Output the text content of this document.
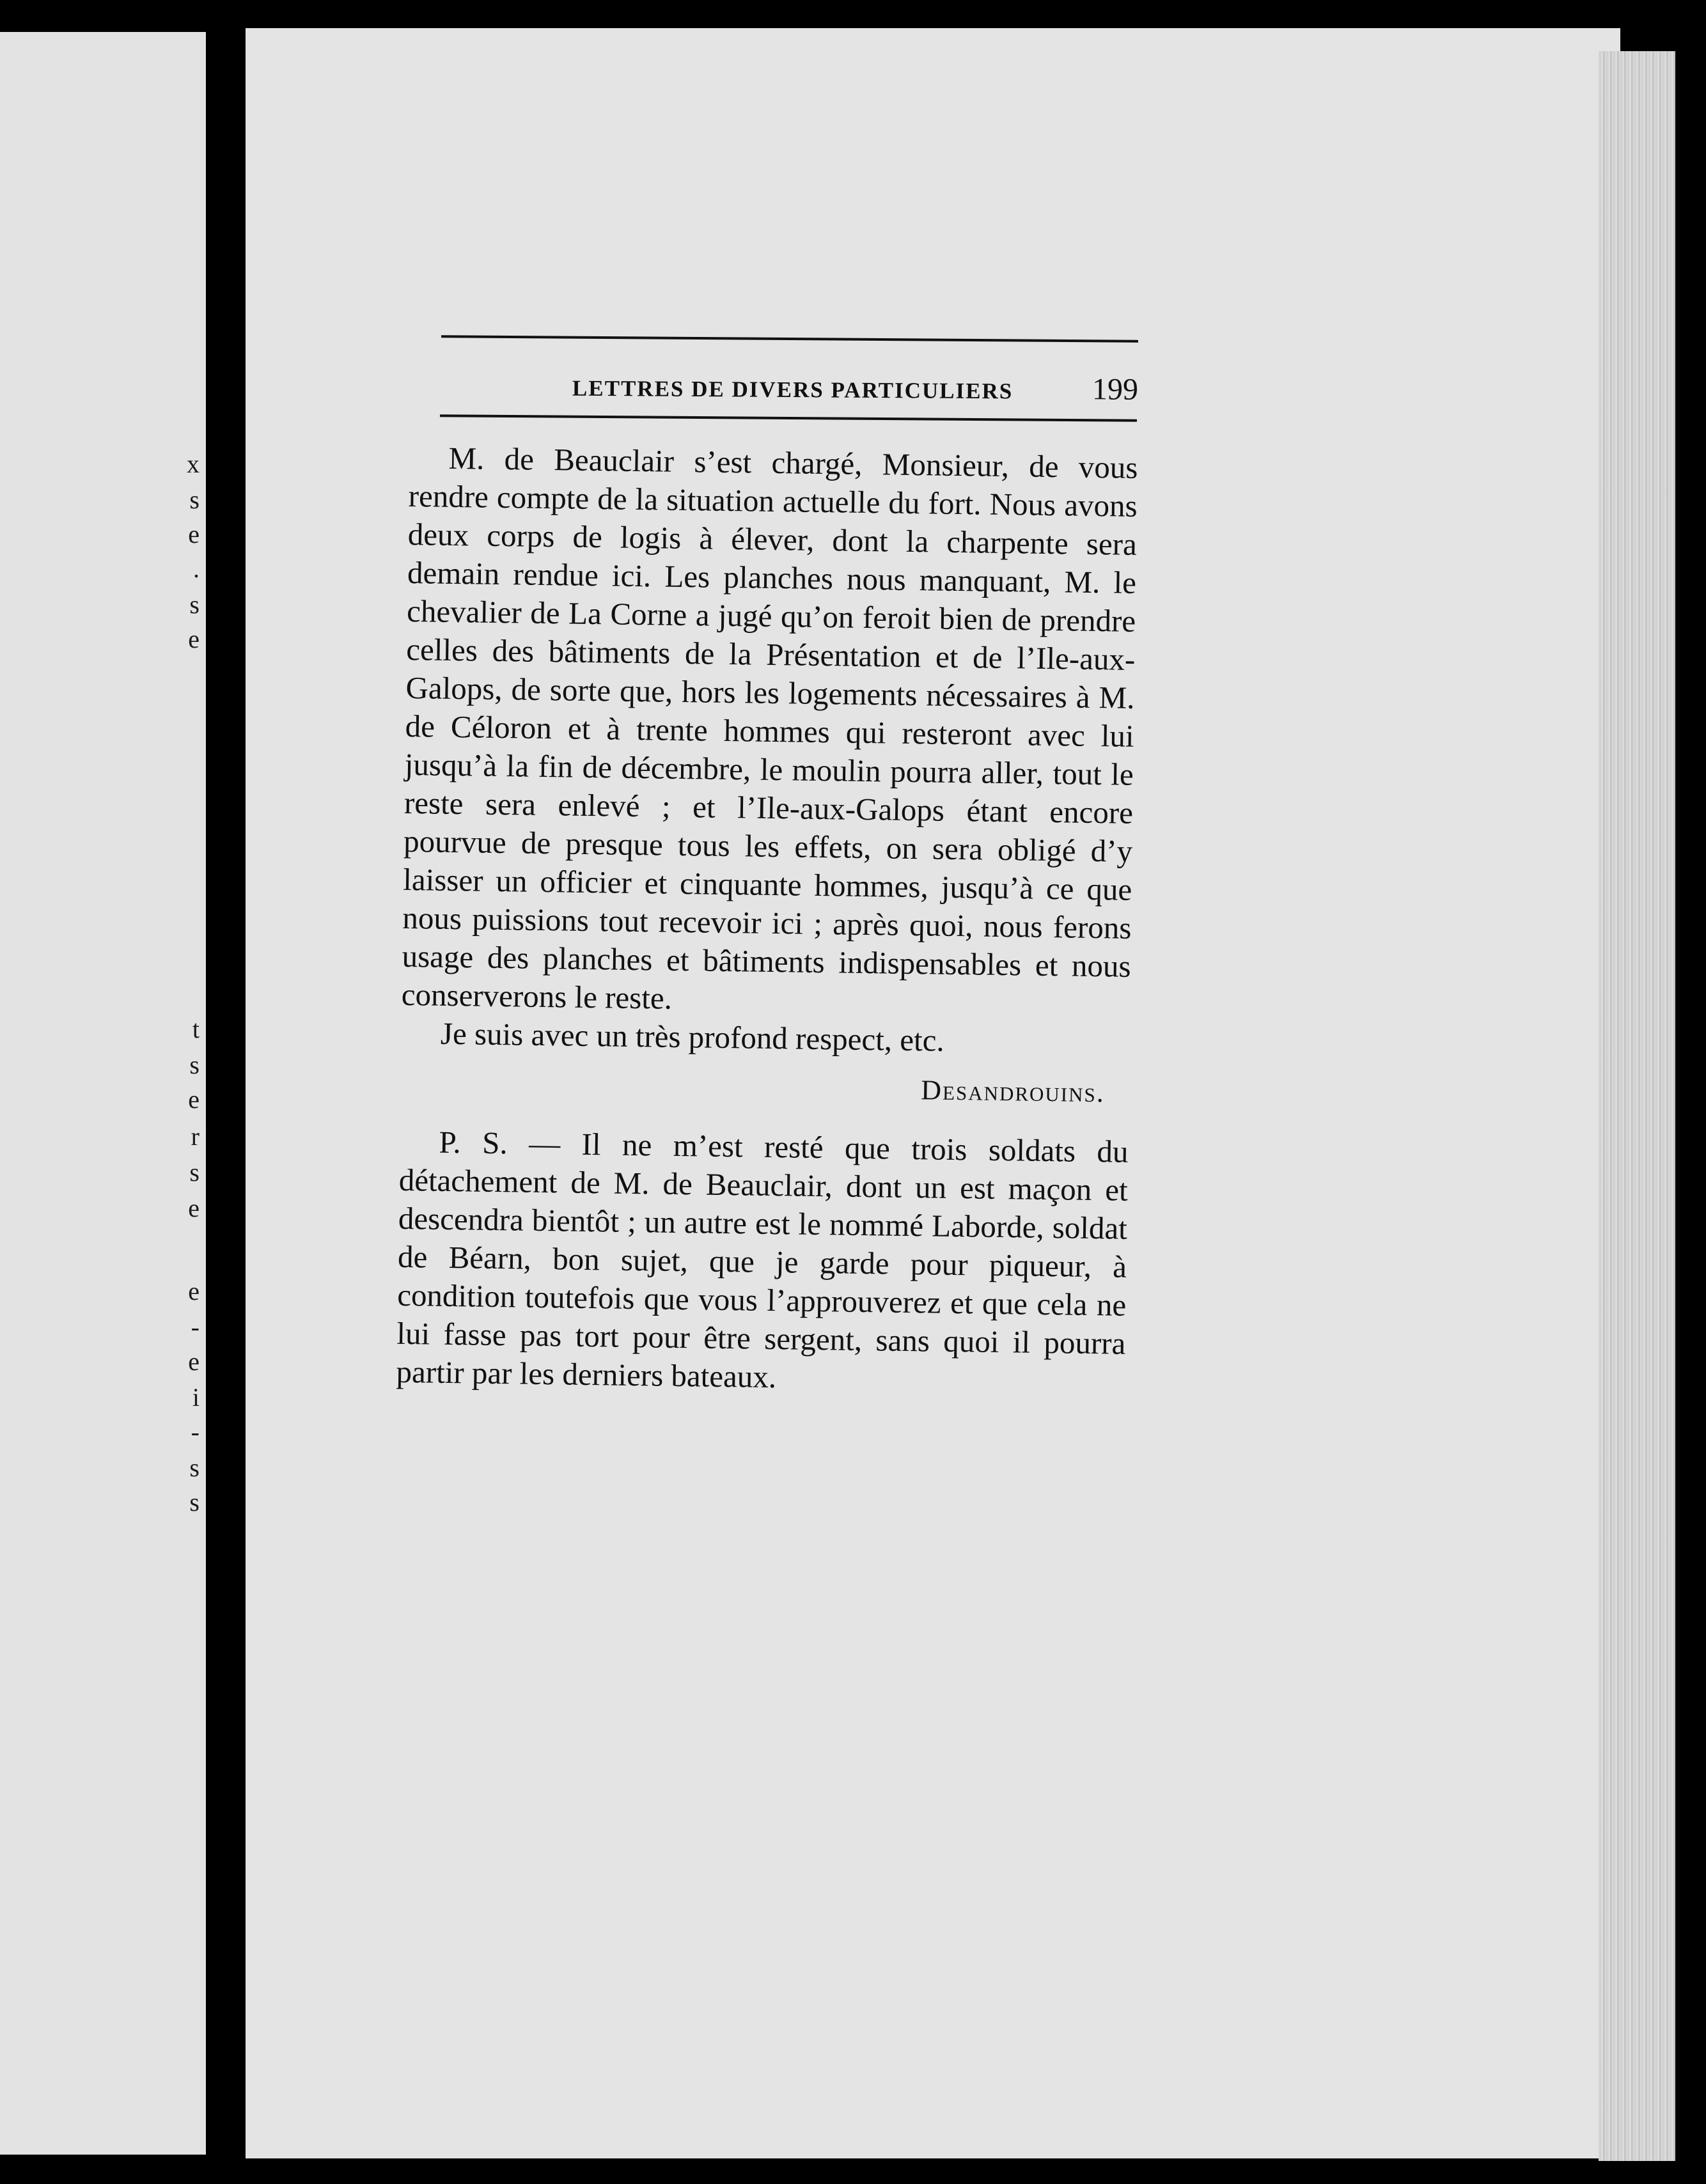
x
s
e
.
s
e
t
s
e
r
s
e
e
-
e
i
-
s
s
LETTRES DE DIVERS PARTICULIERS	199

M. de Beauclair s’est chargé, Monsieur, de vous rendre compte de la situation actuelle du fort. Nous avons deux corps de logis à élever, dont la charpente sera demain rendue ici. Les planches nous manquant, M. le chevalier de La Corne a jugé qu’on feroit bien de prendre celles des bâtiments de la Présentation et de l’Ile-aux-Galops, de sorte que, hors les logements nécessaires à M. de Céloron et à trente hommes qui resteront avec lui jusqu’à la fin de décembre, le moulin pourra aller, tout le reste sera enlevé ; et l’Ile-aux-Galops étant encore pourvue de presque tous les effets, on sera obligé d’y laisser un officier et cinquante hommes, jusqu’à ce que nous puissions tout recevoir ici ; après quoi, nous ferons usage des planches et bâtiments indispensables et nous conserverons le reste.

Je suis avec un très profond respect, etc.

Desandrouins.

P. S. — Il ne m’est resté que trois soldats du détachement de M. de Beauclair, dont un est maçon et descendra bientôt ; un autre est le nommé Laborde, soldat de Béarn, bon sujet, que je garde pour piqueur, à condition toutefois que vous l’approuverez et que cela ne lui fasse pas tort pour être sergent, sans quoi il pourra partir par les derniers bateaux.
